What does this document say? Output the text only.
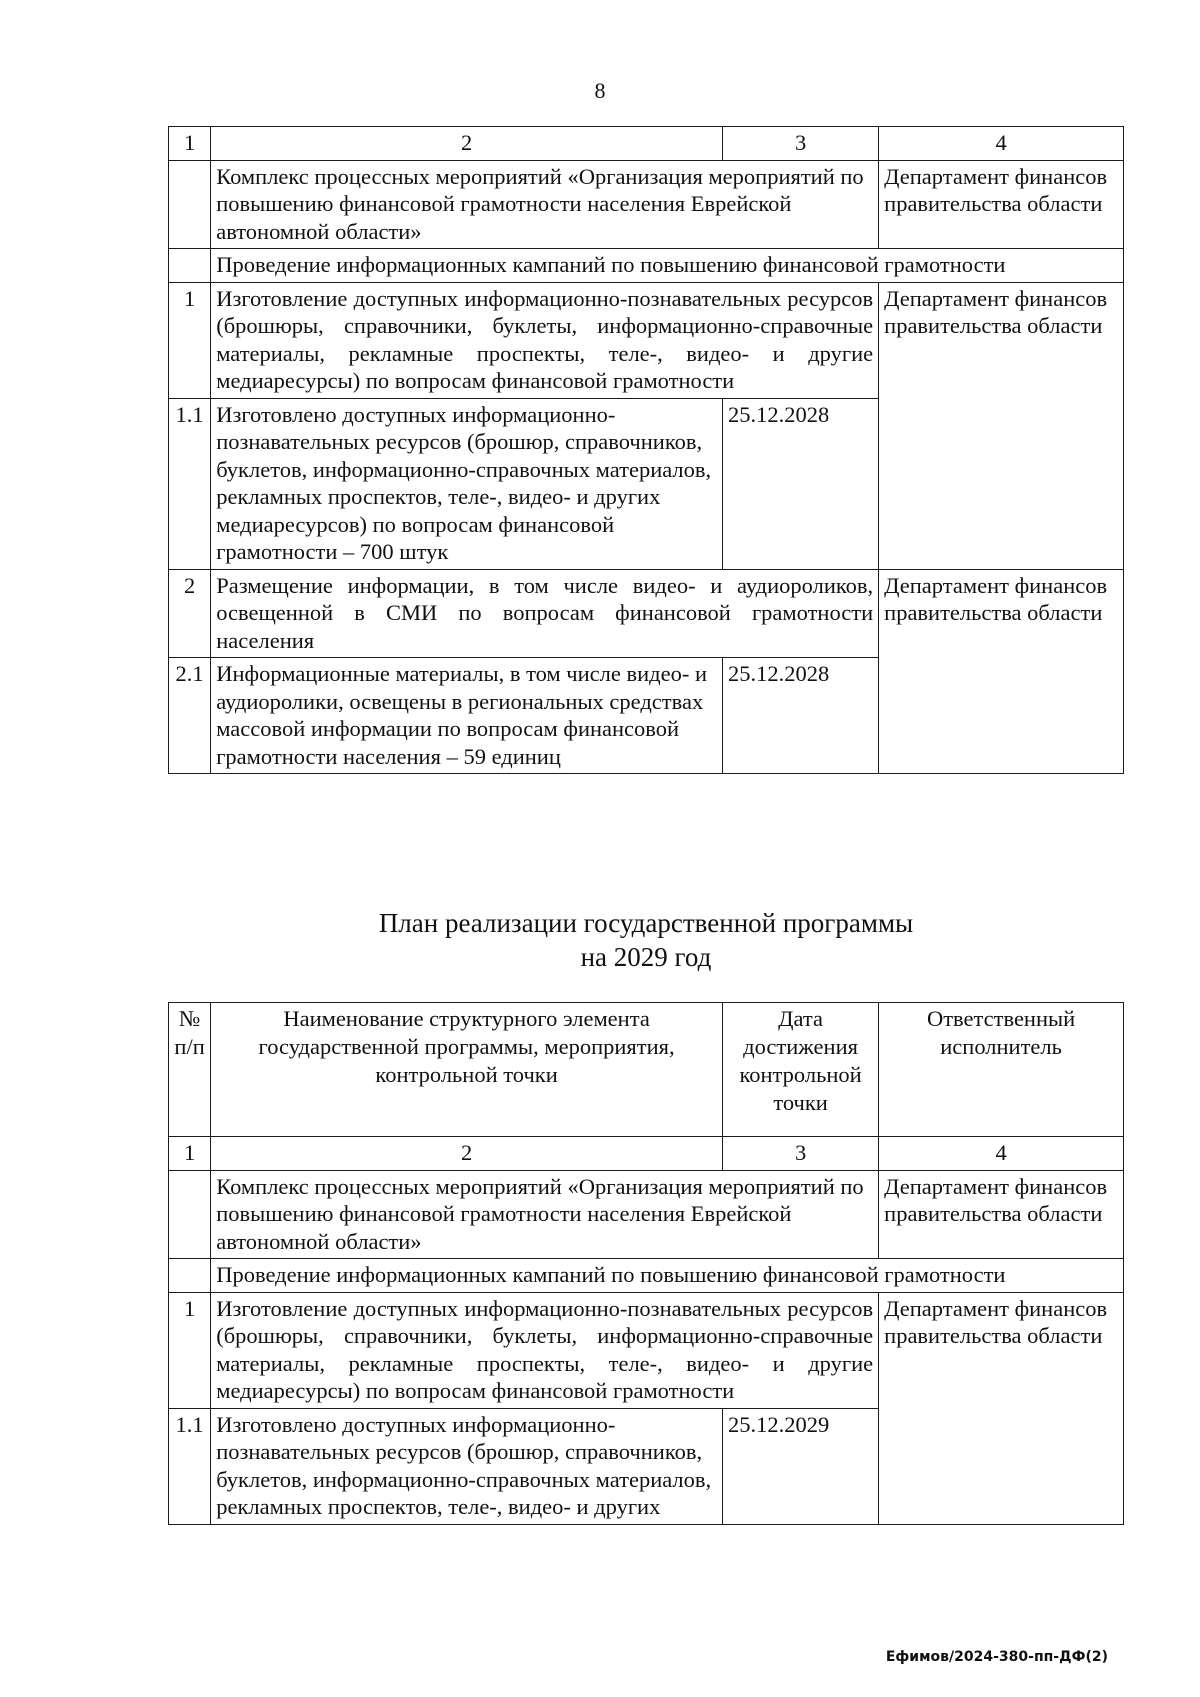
8
1	2	3	4
	Комплекс процессных мероприятий «Организация мероприятий по повышению финансовой грамотности населения Еврейской автономной области»		Департамент финансов правительства области
	Проведение информационных кампаний по повышению финансовой грамотности		
1	Изготовление доступных информационно-познавательных ресурсов (брошюры, справочники, буклеты, информационно-справочные материалы, рекламные проспекты, теле-, видео- и другие медиаресурсы) по вопросам финансовой грамотности		Департамент финансов правительства области
1.1	Изготовлено доступных информационно-познавательных ресурсов (брошюр, справочников, буклетов, информационно-справочных материалов, рекламных проспектов, теле-, видео- и других медиаресурсов) по вопросам финансовой грамотности – 700 штук	25.12.2028	
2	Размещение информации, в том числе видео- и аудиороликов, освещенной в СМИ по вопросам финансовой грамотности населения		Департамент финансов правительства области
2.1	Информационные материалы, в том числе видео- и аудиоролики, освещены в региональных средствах массовой информации по вопросам финансовой грамотности населения – 59 единиц	25.12.2028	
План реализации государственной программы
на 2029 год
№ п/п	Наименование структурного элемента государственной программы, мероприятия, контрольной точки	Дата достижения контрольной точки	Ответственный исполнитель
1	2	3	4
	Комплекс процессных мероприятий «Организация мероприятий по повышению финансовой грамотности населения Еврейской автономной области»		Департамент финансов правительства области
	Проведение информационных кампаний по повышению финансовой грамотности		
1	Изготовление доступных информационно-познавательных ресурсов (брошюры, справочники, буклеты, информационно-справочные материалы, рекламные проспекты, теле-, видео- и другие медиаресурсы) по вопросам финансовой грамотности		Департамент финансов правительства области
1.1	Изготовлено доступных информационно-познавательных ресурсов (брошюр, справочников, буклетов, информационно-справочных материалов, рекламных проспектов, теле-, видео- и других	25.12.2029	
Ефимов/2024-380-пп-ДФ(2)
